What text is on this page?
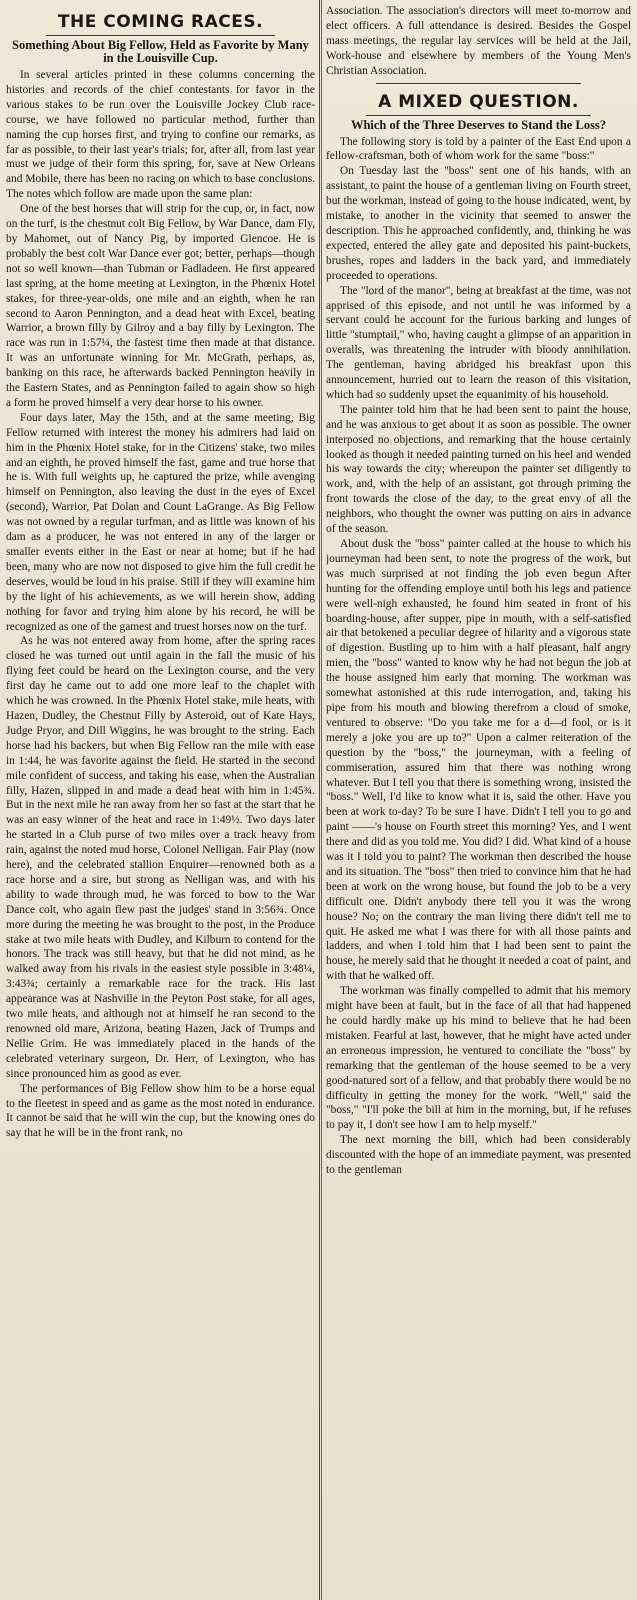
THE COMING RACES.
Something About Big Fellow, Held as Favorite by Many in the Louisville Cup.

In several articles printed in these columns concerning the histories and records of the chief contestants for favor in the various stakes to be run over the Louisville Jockey Club race-course, we have followed no particular method, further than naming the cup horses first, and trying to confine our remarks, as far as possible, to their last year's trials; for, after all, from last year must we judge of their form this spring, for, save at New Orleans and Mobile, there has been no racing on which to base conclusions. The notes which follow are made upon the same plan:

One of the best horses that will strip for the cup, or, in fact, now on the turf, is the chestnut colt Big Fellow, by War Dance, dam Fly, by Mahomet, out of Nancy Pig, by imported Glencoe. He is probably the best colt War Dance ever got; better, perhaps—though not so well known—than Tubman or Fadladeen. He first appeared last spring, at the home meeting at Lexington, in the Phœnix Hotel stakes, for three-year-olds, one mile and an eighth, when he ran second to Aaron Pennington, and a dead heat with Excel, beating Warrior, a brown filly by Gilroy and a bay filly by Lexington. The race was run in 1:57¼, the fastest time then made at that distance. It was an unfortunate winning for Mr. McGrath, perhaps, as, banking on this race, he afterwards backed Pennington heavily in the Eastern States, and as Pennington failed to again show so high a form he proved himself a very dear horse to his owner.

Four days later, May the 15th, and at the same meeting, Big Fellow returned with interest the money his admirers had laid on him in the Phœnix Hotel stake, for in the Citizens' stake, two miles and an eighth, he proved himself the fast, game and true horse that he is. With full weights up, he captured the prize, while avenging himself on Pennington, also leaving the dust in the eyes of Excel (second), Warrior, Pat Dolan and Count LaGrange. As Big Fellow was not owned by a regular turfman, and as little was known of his dam as a producer, he was not entered in any of the larger or smaller events either in the East or near at home; but if he had been, many who are now not disposed to give him the full credit he deserves, would be loud in his praise. Still if they will examine him by the light of his achievements, as we will herein show, adding nothing for favor and trying him alone by his record, he will be recognized as one of the gamest and truest horses now on the turf.

As he was not entered away from home, after the spring races closed he was turned out until again in the fall the music of his flying feet could be heard on the Lexington course, and the very first day he came out to add one more leaf to the chaplet with which he was crowned. In the Phœnix Hotel stake, mile heats, with Hazen, Dudley, the Chestnut Filly by Asteroid, out of Kate Hays, Judge Pryor, and Dill Wiggins, he was brought to the string. Each horse had his backers, but when Big Fellow ran the mile with ease in 1:44, he was favorite against the field. He started in the second mile confident of success, and taking his ease, when the Australian filly, Hazen, slipped in and made a dead heat with him in 1:45¾. But in the next mile he ran away from her so fast at the start that he was an easy winner of the heat and race in 1:49½. Two days later he started in a Club purse of two miles over a track heavy from rain, against the noted mud horse, Colonel Nelligan. Fair Play (now here), and the celebrated stallion Enquirer—renowned both as a race horse and a sire, but strong as Nelligan was, and with his ability to wade through mud, he was forced to bow to the War Dance colt, who again flew past the judges' stand in 3:56¾. Once more during the meeting he was brought to the post, in the Produce stake at two mile heats with Dudley, and Kilburn to contend for the honors. The track was still heavy, but that he did not mind, as he walked away from his rivals in the easiest style possible in 3:48¼, 3:43¾; certainly a remarkable race for the track. His last appearance was at Nashville in the Peyton Post stake, for all ages, two mile heats, and although not at himself he ran second to the renowned old mare, Arizona, beating Hazen, Jack of Trumps and Nellie Grim. He was immediately placed in the hands of the celebrated veterinary surgeon, Dr. Herr, of Lexington, who has since pronounced him as good as ever.

The performances of Big Fellow show him to be a horse equal to the fleetest in speed and as game as the most noted in endurance. It cannot be said that he will win the cup, but the knowing ones do say that he will be in the front rank, no

Association. The association's directors will meet to-morrow and elect officers. A full attendance is desired. Besides the Gospel mass meetings, the regular lay services will be held at the Jail, Work-house and elsewhere by members of the Young Men's Christian Association.

A MIXED QUESTION.
Which of the Three Deserves to Stand the Loss?

The following story is told by a painter of the East End upon a fellow-craftsman, both of whom work for the same "boss:"

On Tuesday last the "boss" sent one of his hands, with an assistant, to paint the house of a gentleman living on Fourth street, but the workman, instead of going to the house indicated, went, by mistake, to another in the vicinity that seemed to answer the description. This he approached confidently, and, thinking he was expected, entered the alley gate and deposited his paint-buckets, brushes, ropes and ladders in the back yard, and immediately proceeded to operations.

The "lord of the manor", being at breakfast at the time, was not apprised of this episode, and not until he was informed by a servant could he account for the furious barking and lunges of little "stumptail," who, having caught a glimpse of an apparition in overalls, was threatening the intruder with bloody annihilation. The gentleman, having abridged his breakfast upon this announcement, hurried out to learn the reason of this visitation, which had so suddenly upset the equanimity of his household.

The painter told him that he had been sent to paint the house, and he was anxious to get about it as soon as possible. The owner interposed no objections, and remarking that the house certainly looked as though it needed painting turned on his heel and wended his way towards the city; whereupon the painter set diligently to work, and, with the help of an assistant, got through priming the front towards the close of the day, to the great envy of all the neighbors, who thought the owner was putting on airs in advance of the season.

About dusk the "boss" painter called at the house to which his journeyman had been sent, to note the progress of the work, but was much surprised at not finding the job even begun After hunting for the offending employe until both his legs and patience were well-nigh exhausted, he found him seated in front of his boarding-house, after supper, pipe in mouth, with a self-satisfied air that betokened a peculiar degree of hilarity and a vigorous state of digestion. Bustling up to him with a half pleasant, half angry mien, the "boss" wanted to know why he had not begun the job at the house assigned him early that morning. The workman was somewhat astonished at this rude interrogation, and, taking his pipe from his mouth and blowing therefrom a cloud of smoke, ventured to observe: "Do you take me for a d—d fool, or is it merely a joke you are up to?" Upon a calmer reiteration of the question by the "boss," the journeyman, with a feeling of commiseration, assured him that there was nothing wrong whatever. But I tell you that there is something wrong, insisted the "boss." Well, I'd like to know what it is, said the other. Have you been at work to-day? To be sure I have. Didn't I tell you to go and paint ——'s house on Fourth street this morning? Yes, and I went there and did as you told me. You did? I did. What kind of a house was it I told you to paint? The workman then described the house and its situation. The "boss" then tried to convince him that he had been at work on the wrong house, but found the job to be a very difficult one. Didn't anybody there tell you it was the wrong house? No; on the contrary the man living there didn't tell me to quit. He asked me what I was there for with all those paints and ladders, and when I told him that I had been sent to paint the house, he merely said that he thought it needed a coat of paint, and with that he walked off.

The workman was finally compelled to admit that his memory might have been at fault, but in the face of all that had happened he could hardly make up his mind to believe that he had been mistaken. Fearful at last, however, that he might have acted under an erroneous impression, he ventured to conciliate the "boss" by remarking that the gentleman of the house seemed to be a very good-natured sort of a fellow, and that probably there would be no difficulty in getting the money for the work. "Well," said the "boss," "I'll poke the bill at him in the morning, but, if he refuses to pay it, I don't see how I am to help myself."

The next morning the bill, which had been considerably discounted with the hope of an immediate payment, was presented to the gentleman
